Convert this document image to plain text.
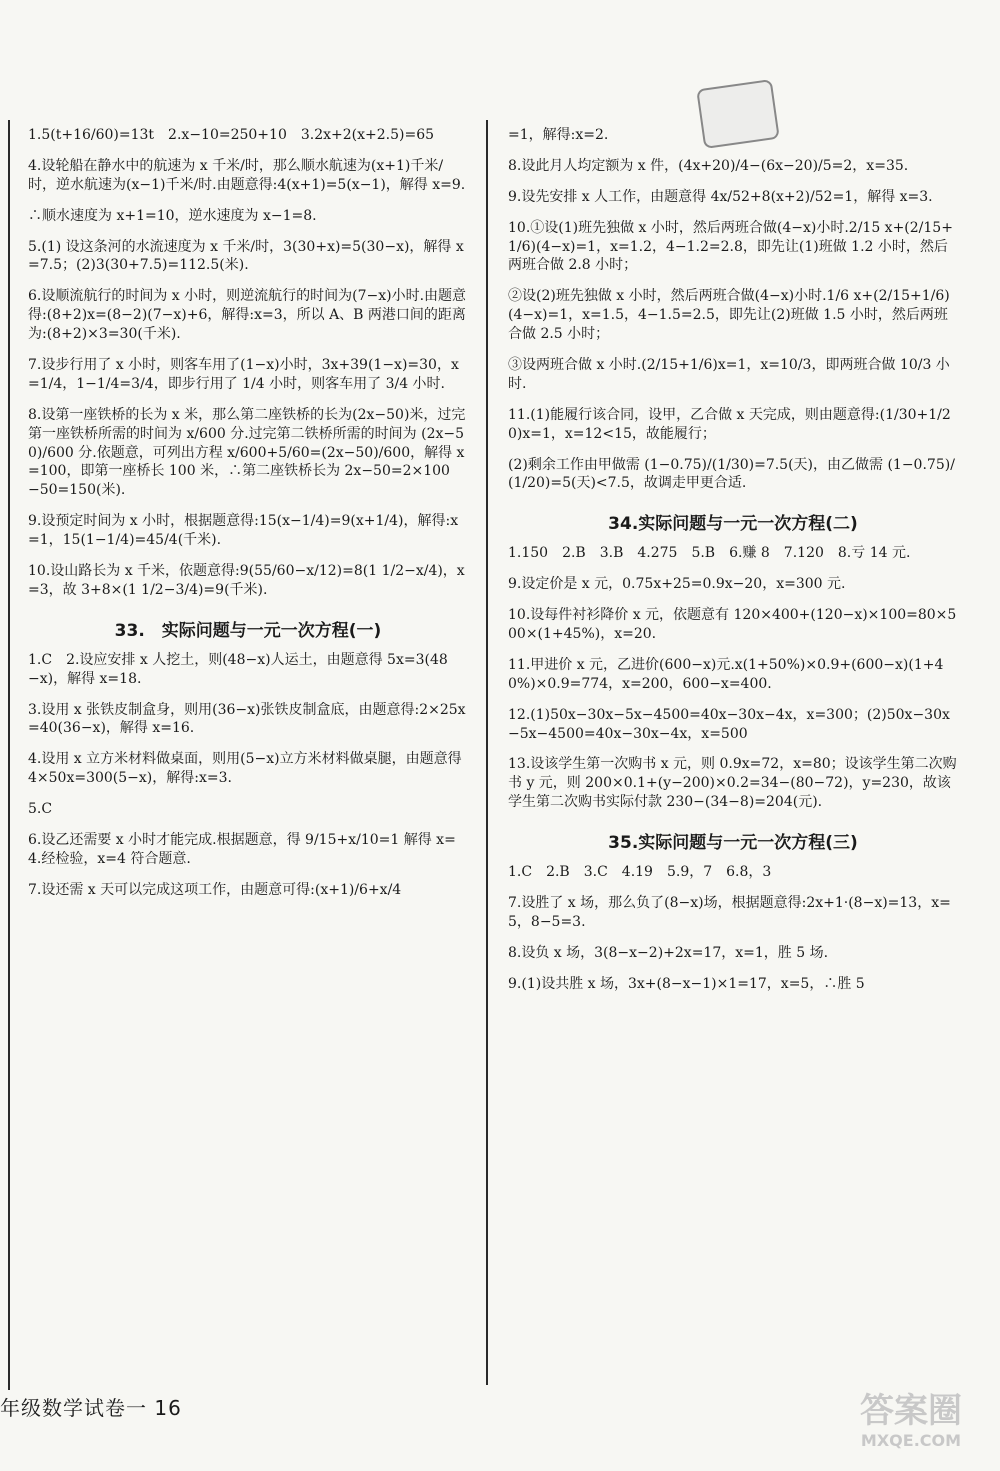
1.5(t+16/60)=13t　2.x−10=250+10　3.2x+2(x+2.5)=65

4.设轮船在静水中的航速为 x 千米/时，那么顺水航速为(x+1)千米/时，逆水航速为(x−1)千米/时.由题意得:4(x+1)=5(x−1)，解得 x=9.

∴顺水速度为 x+1=10，逆水速度为 x−1=8.

5.(1) 设这条河的水流速度为 x 千米/时，3(30+x)=5(30−x)，解得 x=7.5；(2)3(30+7.5)=112.5(米).

6.设顺流航行的时间为 x 小时，则逆流航行的时间为(7−x)小时.由题意得:(8+2)x=(8−2)(7−x)+6，解得:x=3，所以 A、B 两港口间的距离为:(8+2)×3=30(千米).

7.设步行用了 x 小时，则客车用了(1−x)小时，3x+39(1−x)=30，x=1/4，1−1/4=3/4，即步行用了 1/4 小时，则客车用了 3/4 小时.

8.设第一座铁桥的长为 x 米，那么第二座铁桥的长为(2x−50)米，过完第一座铁桥所需的时间为 x/600 分.过完第二铁桥所需的时间为 (2x−50)/600 分.依题意，可列出方程 x/600+5/60=(2x−50)/600，解得 x=100，即第一座桥长 100 米，∴第二座铁桥长为 2x−50=2×100−50=150(米).

9.设预定时间为 x 小时，根据题意得:15(x−1/4)=9(x+1/4)，解得:x=1，15(1−1/4)=45/4(千米).

10.设山路长为 x 千米，依题意得:9(55/60−x/12)=8(1 1/2−x/4)，x=3，故 3+8×(1 1/2−3/4)=9(千米).

33.　实际问题与一元一次方程(一)

1.C　2.设应安排 x 人挖土，则(48−x)人运土，由题意得 5x=3(48−x)，解得 x=18.

3.设用 x 张铁皮制盒身，则用(36−x)张铁皮制盒底，由题意得:2×25x=40(36−x)，解得 x=16.

4.设用 x 立方米材料做桌面，则用(5−x)立方米材料做桌腿，由题意得 4×50x=300(5−x)，解得:x=3.

5.C

6.设乙还需要 x 小时才能完成.根据题意，得 9/15+x/10=1 解得 x=4.经检验，x=4 符合题意.

7.设还需 x 天可以完成这项工作，由题意可得:(x+1)/6+x/4

=1，解得:x=2.

8.设此月人均定额为 x 件，(4x+20)/4−(6x−20)/5=2，x=35.

9.设先安排 x 人工作，由题意得 4x/52+8(x+2)/52=1，解得 x=3.

10.①设(1)班先独做 x 小时，然后两班合做(4−x)小时.2/15 x+(2/15+1/6)(4−x)=1，x=1.2，4−1.2=2.8，即先让(1)班做 1.2 小时，然后两班合做 2.8 小时；

②设(2)班先独做 x 小时，然后两班合做(4−x)小时.1/6 x+(2/15+1/6)(4−x)=1，x=1.5，4−1.5=2.5，即先让(2)班做 1.5 小时，然后两班合做 2.5 小时；

③设两班合做 x 小时.(2/15+1/6)x=1，x=10/3，即两班合做 10/3 小时.

11.(1)能履行该合同，设甲，乙合做 x 天完成，则由题意得:(1/30+1/20)x=1，x=12<15，故能履行；

(2)剩余工作由甲做需 (1−0.75)/(1/30)=7.5(天)，由乙做需 (1−0.75)/(1/20)=5(天)<7.5，故调走甲更合适.

34.实际问题与一元一次方程(二)

1.150　2.B　3.B　4.275　5.B　6.赚 8　7.120　8.亏 14 元.

9.设定价是 x 元，0.75x+25=0.9x−20，x=300 元.

10.设每件衬衫降价 x 元，依题意有 120×400+(120−x)×100=80×500×(1+45%)，x=20.

11.甲进价 x 元，乙进价(600−x)元.x(1+50%)×0.9+(600−x)(1+40%)×0.9=774，x=200，600−x=400.

12.(1)50x−30x−5x−4500=40x−30x−4x，x=300；(2)50x−30x−5x−4500=40x−30x−4x，x=500

13.设该学生第一次购书 x 元，则 0.9x=72，x=80；设该学生第二次购书 y 元，则 200×0.1+(y−200)×0.2=34−(80−72)，y=230，故该学生第二次购书实际付款 230−(34−8)=204(元).

35.实际问题与一元一次方程(三)

1.C　2.B　3.C　4.19　5.9，7　6.8，3

7.设胜了 x 场，那么负了(8−x)场，根据题意得:2x+1·(8−x)=13，x=5，8−5=3.

8.设负 x 场，3(8−x−2)+2x=17，x=1，胜 5 场.

9.(1)设共胜 x 场，3x+(8−x−1)×1=17，x=5，∴胜 5

年级数学试卷一 16	答案圈
MXQE.COM
